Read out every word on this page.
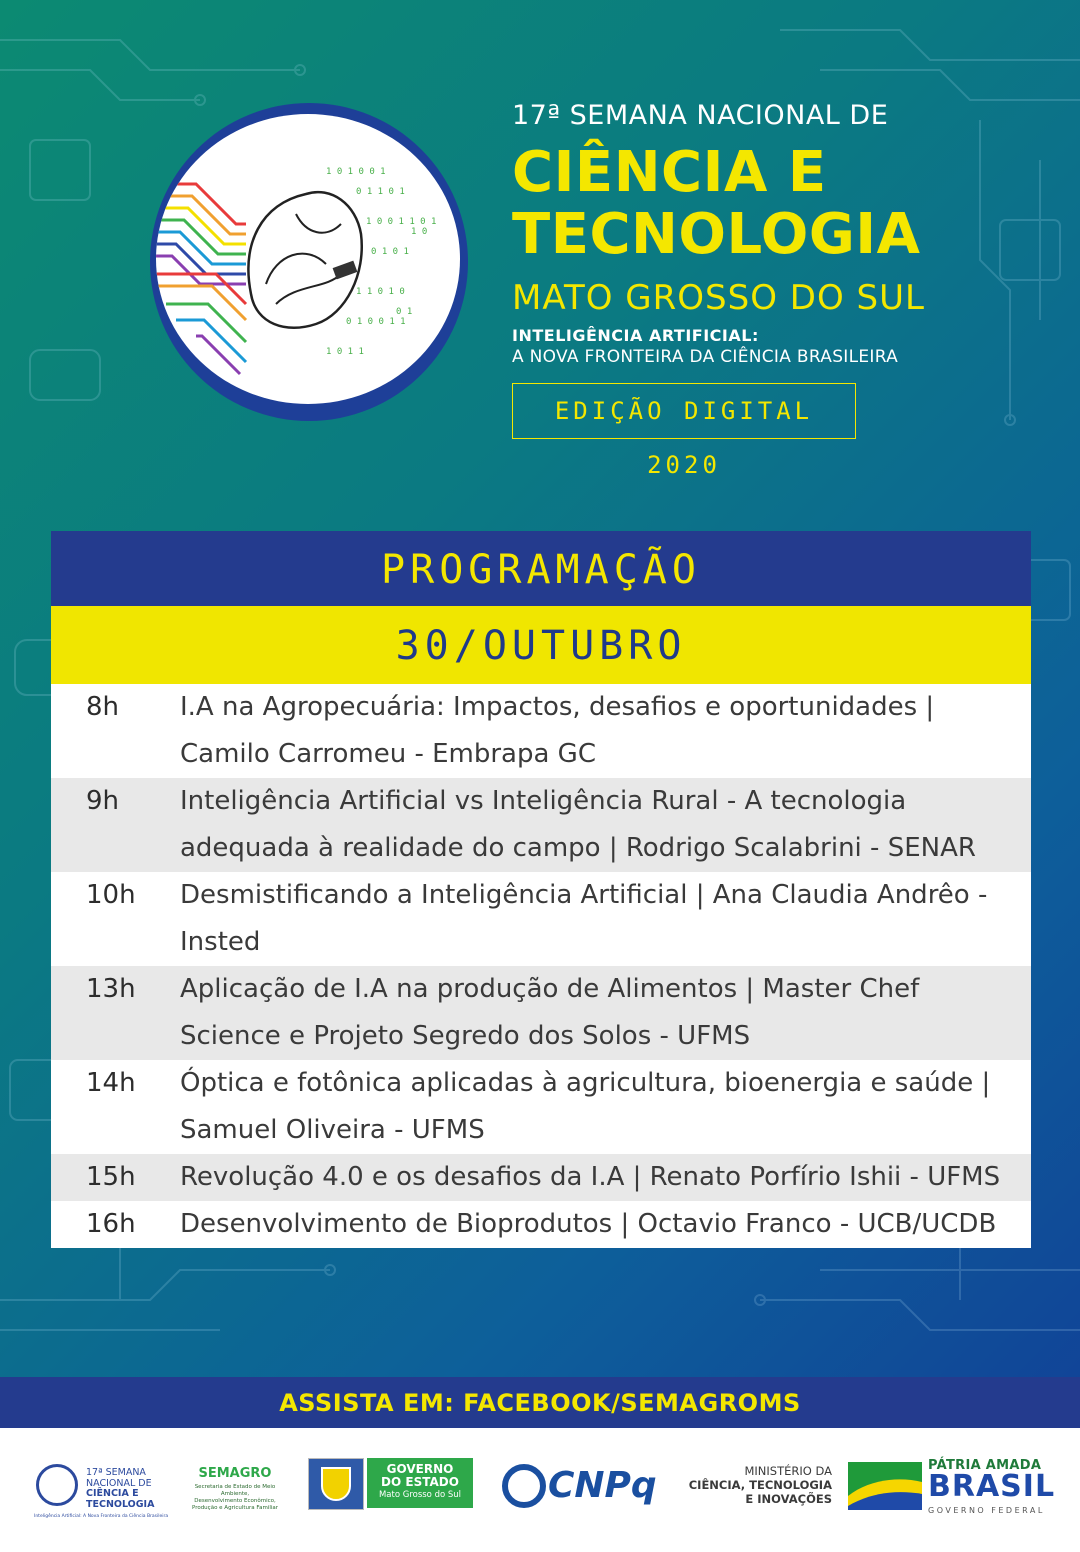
1 0 1 0 0 1
0 1 1 0 1
1 0 0 1 1 0 1
0 1 0 1
1 1 0 1 0
0 1 0 0 1 1
1 0 1 1
0 1
1 0
17ª SEMANA NACIONAL DE
CIÊNCIA E
TECNOLOGIA
MATO GROSSO DO SUL
INTELIGÊNCIA ARTIFICIAL:
A NOVA FRONTEIRA DA CIÊNCIA BRASILEIRA
EDIÇÃO DIGITAL 2020
PROGRAMAÇÃO
30/OUTUBRO
8h	I.A na Agropecuária: Impactos, desafios e oportunidades | Camilo Carromeu - Embrapa GC
9h	Inteligência Artificial vs Inteligência Rural - A tecnologia adequada à realidade do campo | Rodrigo Scalabrini - SENAR
10h	Desmistificando a Inteligência Artificial | Ana Claudia Andrêo - Insted
13h	Aplicação de I.A na produção de Alimentos | Master Chef Science e Projeto Segredo dos Solos - UFMS
14h	Óptica e fotônica aplicadas à agricultura, bioenergia e saúde | Samuel Oliveira - UFMS
15h	Revolução 4.0 e os desafios da I.A | Renato Porfírio Ishii - UFMS
16h	Desenvolvimento de Bioprodutos | Octavio Franco - UCB/UCDB
ASSISTA EM: FACEBOOK/SEMAGROMS
17ª SEMANA
NACIONAL DE
CIÊNCIA E
TECNOLOGIA
Inteligência Artificial: A Nova Fronteira da Ciência Brasileira
SEMAGRO
Secretaria de Estado de Meio Ambiente,
Desenvolvimento Econômico,
Produção e Agricultura Familiar
GOVERNO
DO ESTADO
Mato Grosso do Sul	CNPq	MINISTÉRIO DA
CIÊNCIA, TECNOLOGIA
E INOVAÇÕES
PÁTRIA AMADA
BRASIL
GOVERNO FEDERAL
